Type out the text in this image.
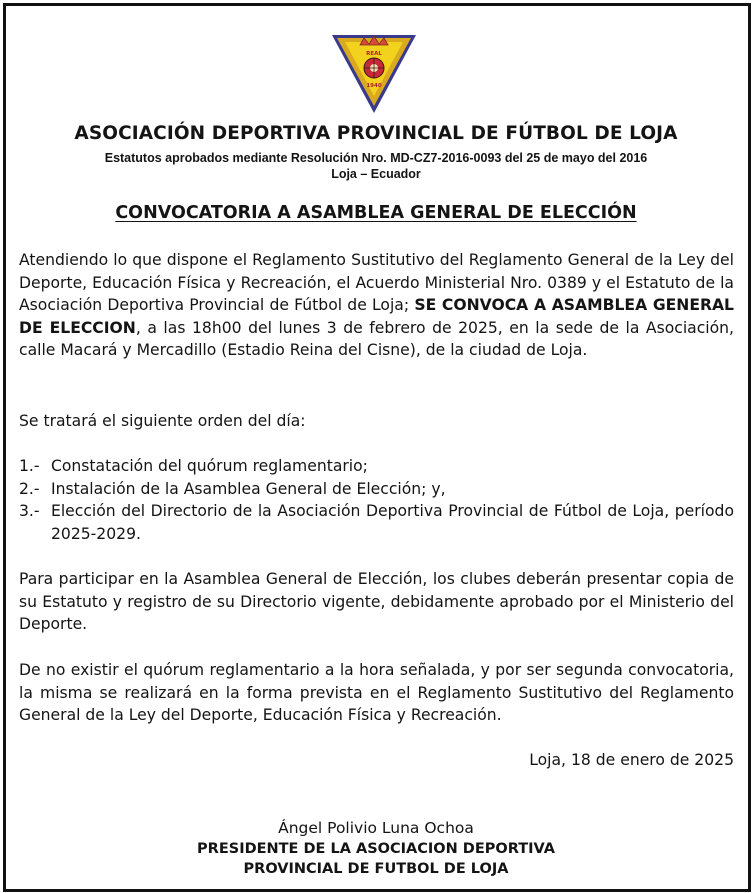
REAL
1940
ASOCIACIÓN DEPORTIVA PROVINCIAL DE FÚTBOL DE LOJA
Estatutos aprobados mediante Resolución Nro. MD-CZ7-2016-0093 del 25 de mayo del 2016
Loja – Ecuador
CONVOCATORIA A ASAMBLEA GENERAL DE ELECCIÓN
Atendiendo lo que dispone el Reglamento Sustitutivo del Reglamento General de la Ley del Deporte, Educación Física y Recreación, el Acuerdo Ministerial Nro. 0389 y el Estatuto de la Asociación Deportiva Provincial de Fútbol de Loja; SE CONVOCA A ASAMBLEA GENERAL DE ELECCION, a las 18h00 del lunes 3 de febrero de 2025, en la sede de la Asociación, calle Macará y Mercadillo (Estadio Reina del Cisne), de la ciudad de Loja.
Se tratará el siguiente orden del día:
1.- Constatación del quórum reglamentario;
2.- Instalación de la Asamblea General de Elección; y,
3.- Elección del Directorio de la Asociación Deportiva Provincial de Fútbol de Loja, período 2025-2029.
Para participar en la Asamblea General de Elección, los clubes deberán presentar copia de su Estatuto y registro de su Directorio vigente, debidamente aprobado por el Ministerio del Deporte.
De no existir el quórum reglamentario a la hora señalada, y por ser segunda convocatoria, la misma se realizará en la forma prevista en el Reglamento Sustitutivo del Reglamento General de la Ley del Deporte, Educación Física y Recreación.
Loja, 18 de enero de 2025
Ángel Polivio Luna Ochoa
PRESIDENTE DE LA ASOCIACION DEPORTIVA
PROVINCIAL DE FUTBOL DE LOJA
